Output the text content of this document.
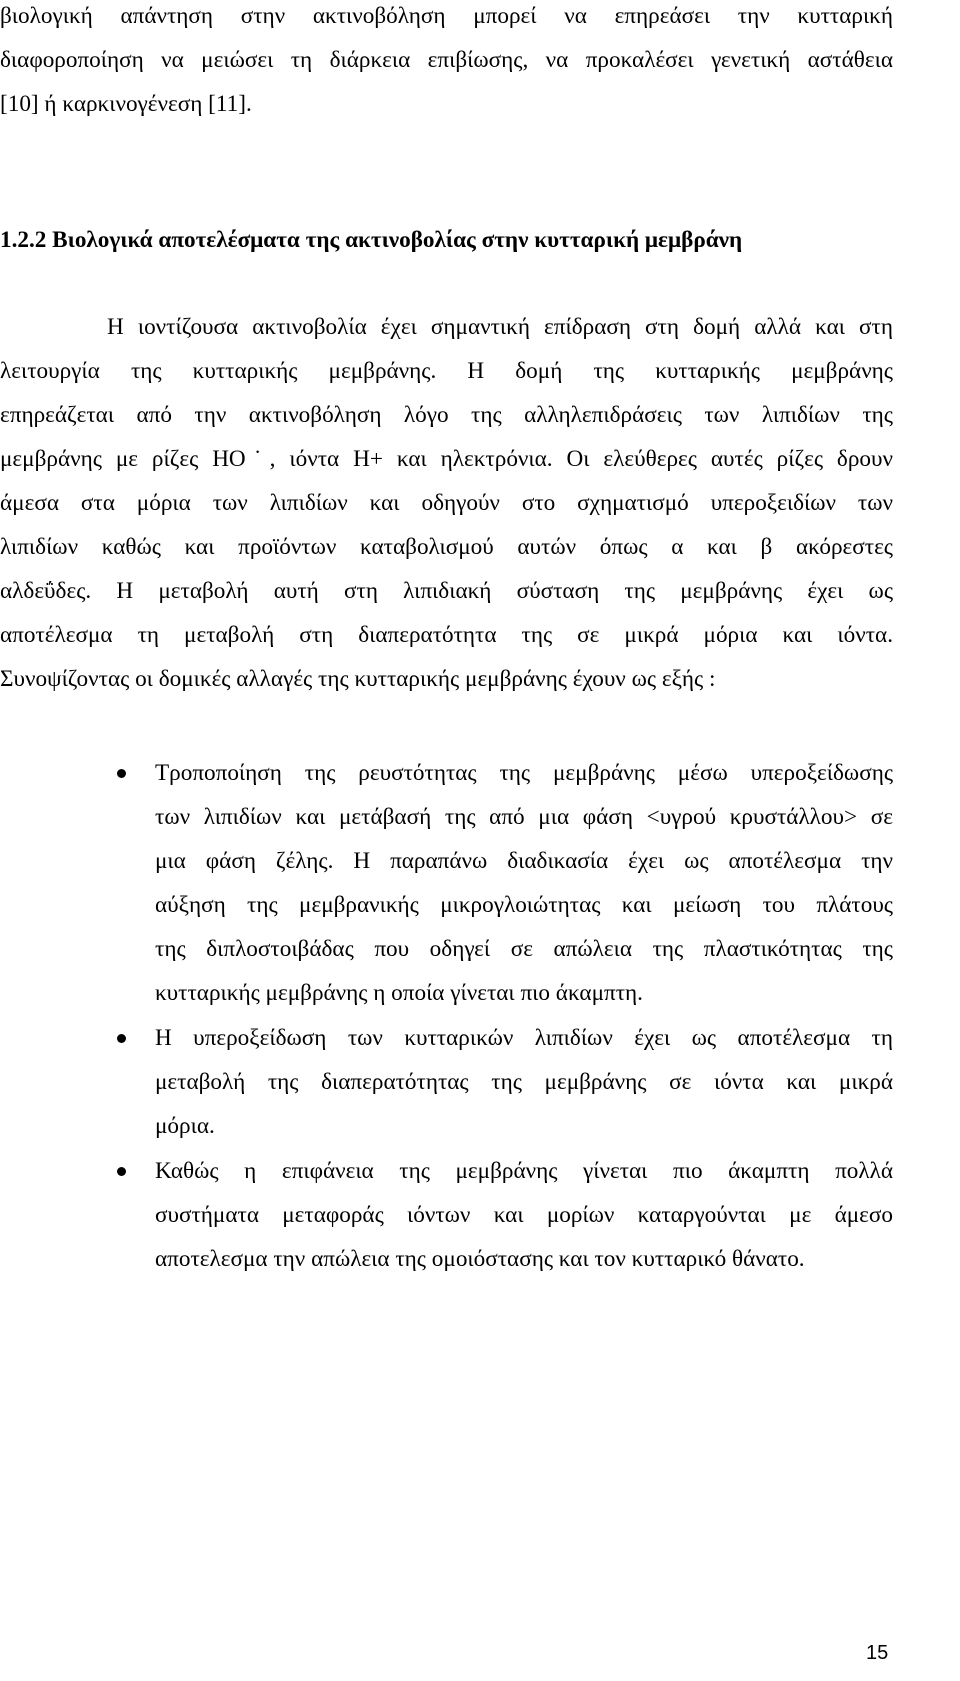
βιολογική απάντηση στην ακτινοβόληση μπορεί να επηρεάσει την κυτταρική
διαφοροποίηση να μειώσει τη διάρκεια επιβίωσης, να προκαλέσει γενετική αστάθεια
[10] ή καρκινογένεση [11].
1.2.2 Βιολογικά αποτελέσματα της ακτινοβολίας στην κυτταρική μεμβράνη
Η ιοντίζουσα ακτινοβολία έχει σημαντική επίδραση στη δομή αλλά και στη
λειτουργία της κυτταρικής μεμβράνης. Η δομή της κυτταρικής μεμβράνης
επηρεάζεται από την ακτινοβόληση λόγο της αλληλεπιδράσεις των λιπιδίων της
μεμβράνης με ρίζες HO˙, ιόντα H+ και ηλεκτρόνια. Οι ελεύθερες αυτές ρίζες δρουν
άμεσα στα μόρια των λιπιδίων και οδηγούν στο σχηματισμό υπεροξειδίων των
λιπιδίων καθώς και προϊόντων καταβολισμού αυτών όπως α και β ακόρεστες
αλδεΰδες. Η μεταβολή αυτή στη λιπιδιακή σύσταση της μεμβράνης έχει ως
αποτέλεσμα τη μεταβολή στη διαπερατότητα της σε μικρά μόρια και ιόντα.
Συνοψίζοντας οι δομικές αλλαγές της κυτταρικής μεμβράνης έχουν ως εξής :
Τροποποίηση της ρευστότητας της μεμβράνης μέσω υπεροξείδωσης
των λιπιδίων και μετάβασή της από μια φάση <υγρού κρυστάλλου> σε
μια φάση ζέλης. Η παραπάνω διαδικασία έχει ως αποτέλεσμα την
αύξηση της μεμβρανικής μικρογλοιώτητας και μείωση του πλάτους
της διπλοστοιβάδας που οδηγεί σε απώλεια της πλαστικότητας της
κυτταρικής μεμβράνης η οποία γίνεται πιο άκαμπτη.
Η υπεροξείδωση των κυτταρικών λιπιδίων έχει ως αποτέλεσμα τη
μεταβολή της διαπερατότητας της μεμβράνης σε ιόντα και μικρά
μόρια.
Καθώς η επιφάνεια της μεμβράνης γίνεται πιο άκαμπτη πολλά
συστήματα μεταφοράς ιόντων και μορίων καταργούνται με άμεσο
αποτελεσμα την απώλεια της ομοιόστασης και τον κυτταρικό θάνατο.
15
